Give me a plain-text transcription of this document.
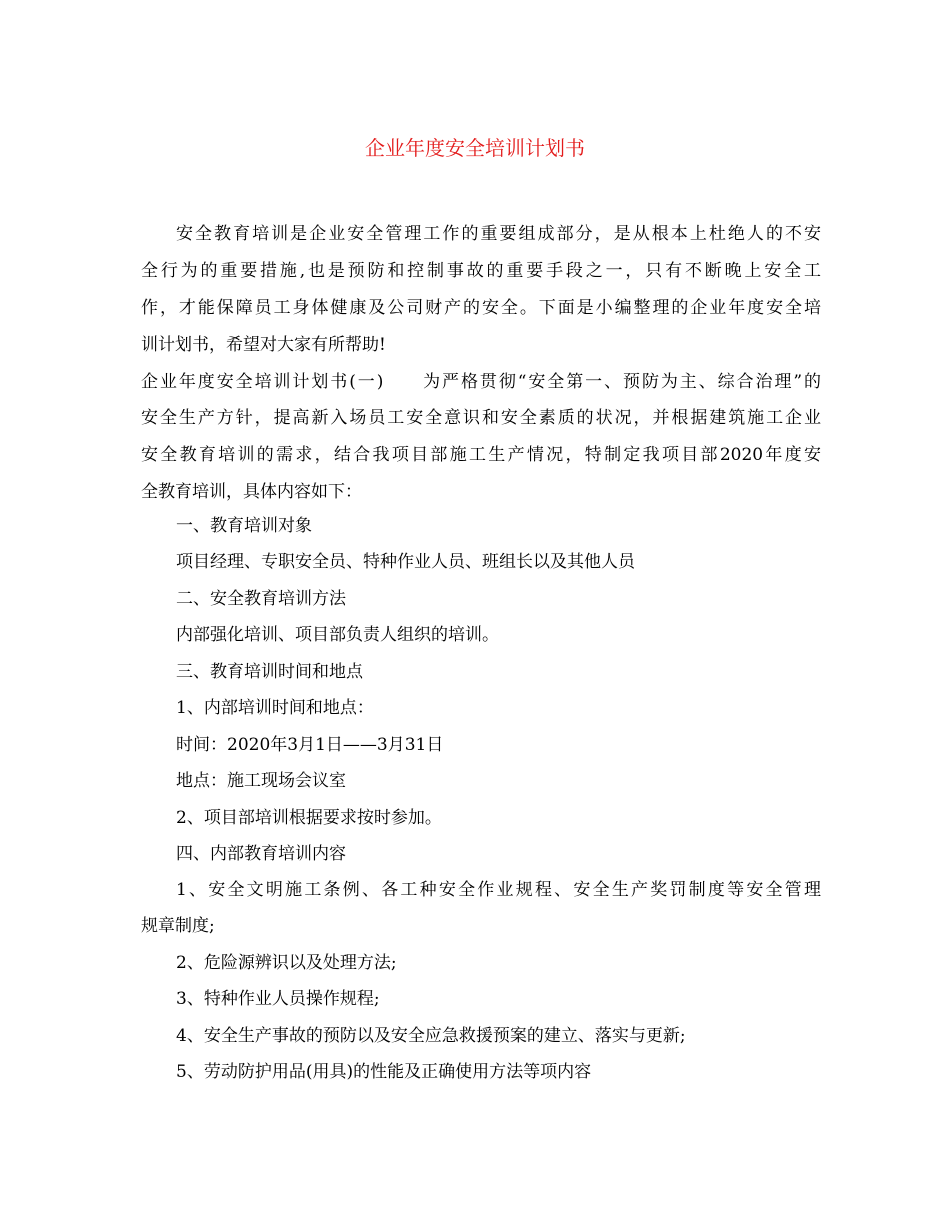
企业年度安全培训计划书
安全教育培训是企业安全管理工作的重要组成部分，是从根本上杜绝人的不安
全行为的重要措施,也是预防和控制事故的重要手段之一，只有不断晚上安全工
作，才能保障员工身体健康及公司财产的安全。下面是小编整理的企业年度安全培
训计划书，希望对大家有所帮助!
企业年度安全培训计划书(一)　　为严格贯彻“安全第一、预防为主、综合治理”的
安全生产方针，提高新入场员工安全意识和安全素质的状况，并根据建筑施工企业
安全教育培训的需求，结合我项目部施工生产情况，特制定我项目部2020年度安
全教育培训，具体内容如下：
一、教育培训对象
项目经理、专职安全员、特种作业人员、班组长以及其他人员
二、安全教育培训方法
内部强化培训、项目部负责人组织的培训。
三、教育培训时间和地点
1、内部培训时间和地点：
时间：2020年3月1日——3月31日
地点：施工现场会议室
2、项目部培训根据要求按时参加。
四、内部教育培训内容
1、安全文明施工条例、各工种安全作业规程、安全生产奖罚制度等安全管理
规章制度;
2、危险源辨识以及处理方法;
3、特种作业人员操作规程;
4、安全生产事故的预防以及安全应急救援预案的建立、落实与更新;
5、劳动防护用品(用具)的性能及正确使用方法等项内容
